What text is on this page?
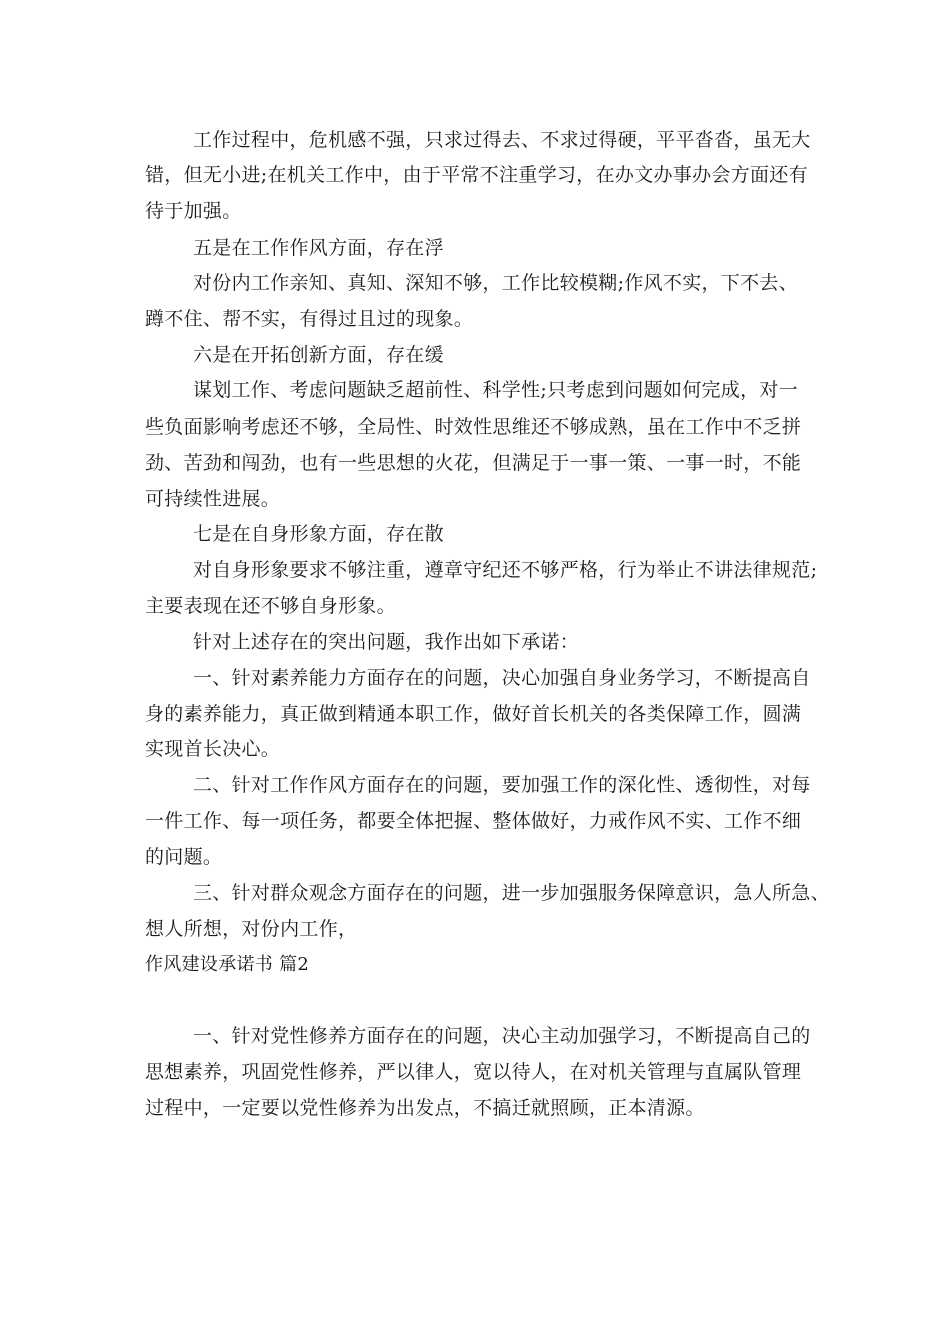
工作过程中，危机感不强，只求过得去、不求过得硬，平平沓沓，虽无大
错，但无小进;在机关工作中，由于平常不注重学习，在办文办事办会方面还有
待于加强。
五是在工作作风方面，存在浮
对份内工作亲知、真知、深知不够，工作比较模糊;作风不实，下不去、
蹲不住、帮不实，有得过且过的现象。
六是在开拓创新方面，存在缓
谋划工作、考虑问题缺乏超前性、科学性;只考虑到问题如何完成，对一
些负面影响考虑还不够，全局性、时效性思维还不够成熟，虽在工作中不乏拼
劲、苦劲和闯劲，也有一些思想的火花，但满足于一事一策、一事一时，不能
可持续性进展。
七是在自身形象方面，存在散
对自身形象要求不够注重，遵章守纪还不够严格，行为举止不讲法律规范;
主要表现在还不够自身形象。
针对上述存在的突出问题，我作出如下承诺：
一、针对素养能力方面存在的问题，决心加强自身业务学习，不断提高自
身的素养能力，真正做到精通本职工作，做好首长机关的各类保障工作，圆满
实现首长决心。
二、针对工作作风方面存在的问题，要加强工作的深化性、透彻性，对每
一件工作、每一项任务，都要全体把握、整体做好，力戒作风不实、工作不细
的问题。
三、针对群众观念方面存在的问题，进一步加强服务保障意识，急人所急、
想人所想，对份内工作，
作风建设承诺书 篇2
一、针对党性修养方面存在的问题，决心主动加强学习，不断提高自己的
思想素养，巩固党性修养，严以律人，宽以待人，在对机关管理与直属队管理
过程中，一定要以党性修养为出发点，不搞迁就照顾，正本清源。
